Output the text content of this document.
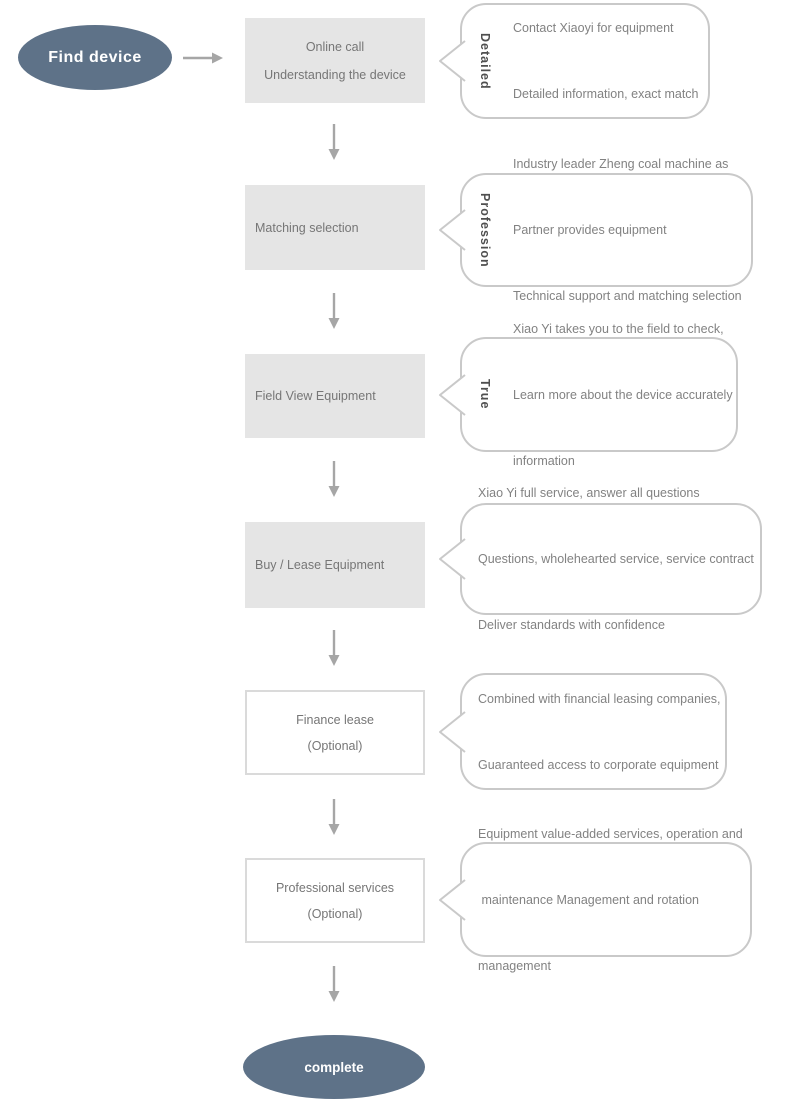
Find device
Online call
Understanding the device	Detailed

Contact Xiaoyi for equipment

Detailed information, exact match

Matching selection	Profession

Industry leader Zheng coal machine as

Partner provides equipment

Technical support and matching selection

Field View Equipment	True

Xiao Yi takes you to the field to check,

Learn more about the device accurately

information

Buy / Lease Equipment

Xiao Yi full service, answer all questions

Questions, wholehearted service, service contract

Deliver standards with confidence

Finance lease
(Optional)

Combined with financial leasing companies,

Guaranteed access to corporate equipment

Professional services
(Optional)

Equipment value-added services, operation and

maintenance Management and rotation

management

complete
